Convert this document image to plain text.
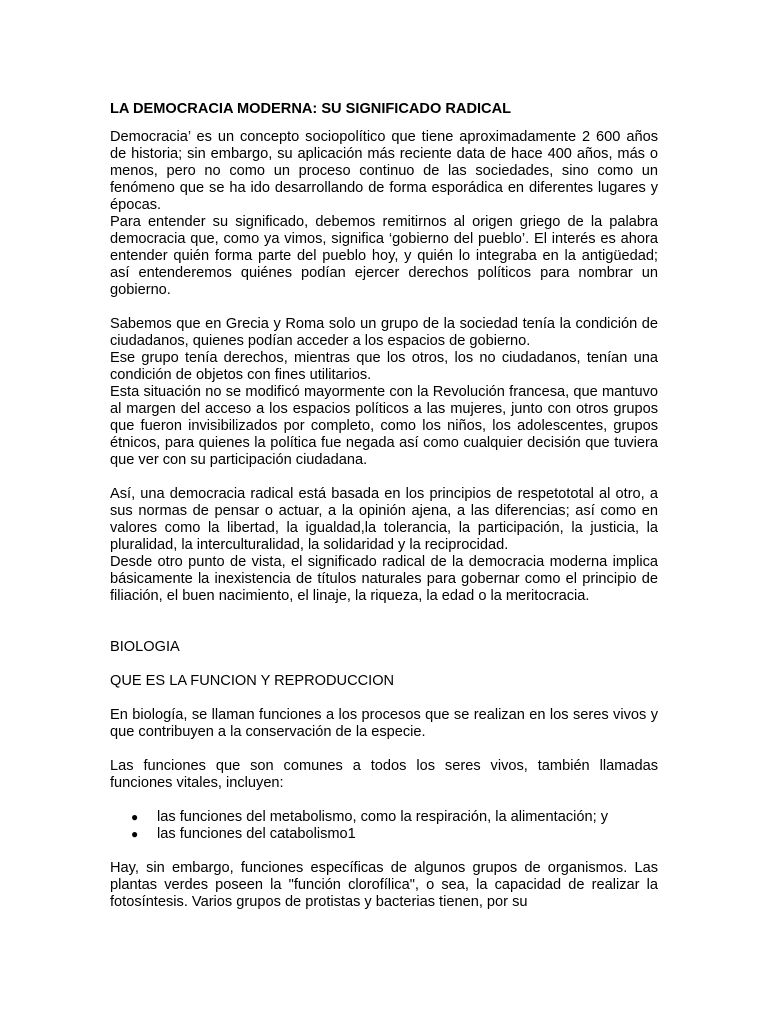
LA DEMOCRACIA MODERNA: SU SIGNIFICADO RADICAL

Democracia’ es un concepto sociopolítico que tiene aproximadamente 2 600 años de historia; sin embargo, su aplicación más reciente data de hace 400 años, más o menos, pero no como un proceso continuo de las sociedades, sino como un fenómeno que se ha ido desarrollando de forma esporádica en diferentes lugares y épocas.

Para entender su significado, debemos remitirnos al origen griego de la palabra democracia que, como ya vimos, significa ‘gobierno del pueblo’. El interés es ahora entender quién forma parte del pueblo hoy, y quién lo integraba en la antigüedad; así entenderemos quiénes podían ejercer derechos políticos para nombrar un gobierno.

Sabemos que en Grecia y Roma solo un grupo de la sociedad tenía la condición de ciudadanos, quienes podían acceder a los espacios de gobierno.

Ese grupo tenía derechos, mientras que los otros, los no ciudadanos, tenían una condición de objetos con fines utilitarios.

Esta situación no se modificó mayormente con la Revolución francesa, que mantuvo al margen del acceso a los espacios políticos a las mujeres, junto con otros grupos que fueron invisibilizados por completo, como los niños, los adolescentes, grupos étnicos, para quienes la política fue negada así como cualquier decisión que tuviera que ver con su participación ciudadana.

Así, una democracia radical está basada en los principios de respetototal al otro, a sus normas de pensar o actuar, a la opinión ajena, a las diferencias; así como en valores como la libertad, la igualdad,la tolerancia, la participación, la justicia, la pluralidad, la interculturalidad, la solidaridad y la reciprocidad.

Desde otro punto de vista, el significado radical de la democracia moderna implica básicamente la inexistencia de títulos naturales para gobernar como el principio de filiación, el buen nacimiento, el linaje, la riqueza, la edad o la meritocracia.

BIOLOGIA

QUE ES LA FUNCION Y REPRODUCCION

En biología, se llaman funciones a los procesos que se realizan en los seres vivos y que contribuyen a la conservación de la especie.

Las funciones que son comunes a todos los seres vivos, también llamadas funciones vitales, incluyen:

● las funciones del metabolismo, como la respiración, la alimentación; y
● las funciones del catabolismo1

Hay, sin embargo, funciones específicas de algunos grupos de organismos. Las plantas verdes poseen la "función clorofílica", o sea, la capacidad de realizar la fotosíntesis. Varios grupos de protistas y bacterias tienen, por su
